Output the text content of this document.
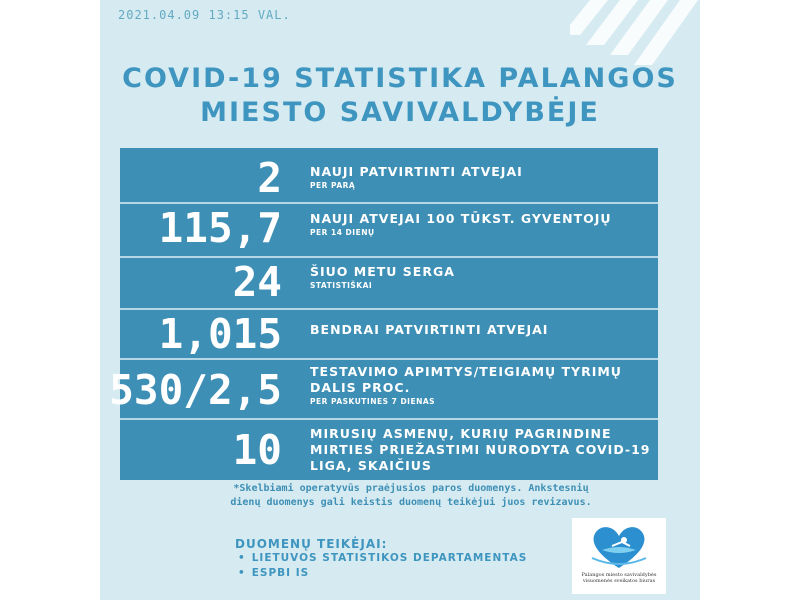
2021.04.09 13:15 VAL.
COVID-19 STATISTIKA PALANGOS
MIESTO SAVIVALDYBĖJE
2 NAUJI PATVIRTINTI ATVEJAI
PER PARĄ
115,7 NAUJI ATVEJAI 100 TŪKST. GYVENTOJŲ
PER 14 DIENŲ
24 ŠIUO METU SERGA
STATISTIŠKAI
1,015 BENDRAI PATVIRTINTI ATVEJAI
530/2,5 TESTAVIMO APIMTYS/TEIGIAMŲ TYRIMŲ DALIS PROC.
PER PASKUTINES 7 DIENAS
10 MIRUSIŲ ASMENŲ, KURIŲ PAGRINDINE MIRTIES PRIEŽASTIMI NURODYTA COVID-19 LIGA, SKAIČIUS
*Skelbiami operatyvūs praėjusios paros duomenys. Ankstesnių
dienų duomenys gali keistis duomenų teikėjui juos revizavus.
DUOMENŲ TEIKĖJAI:
• LIETUVOS STATISTIKOS DEPARTAMENTAS
• ESPBI IS	Palangos miesto savivaldybės
visuomenės sveikatos biuras
